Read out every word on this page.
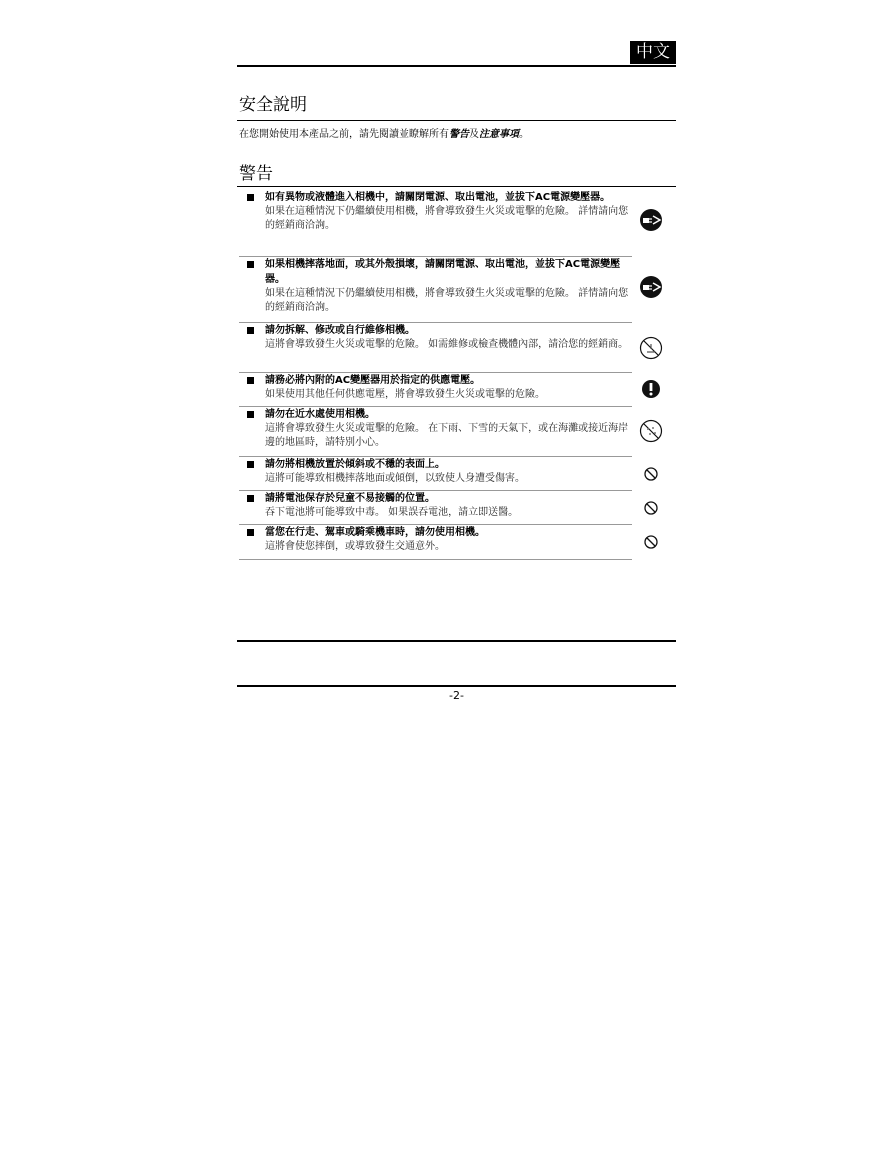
中文
安全說明
在您開始使用本產品之前，請先閱讀並瞭解所有警告及注意事項。
警告
如有異物或液體進入相機中，請關閉電源、取出電池，並拔下AC電源變壓器。
如果在這種情況下仍繼續使用相機，將會導致發生火災或電擊的危險。 詳情請向您的經銷商洽詢。
如果相機摔落地面，或其外殼損壞，請關閉電源、取出電池，並拔下AC電源變壓器。
如果在這種情況下仍繼續使用相機，將會導致發生火災或電擊的危險。 詳情請向您的經銷商洽詢。
請勿拆解、修改或自行維修相機。
這將會導致發生火災或電擊的危險。 如需維修或檢查機體內部，請洽您的經銷商。
請務必將內附的AC變壓器用於指定的供應電壓。
如果使用其他任何供應電壓，將會導致發生火災或電擊的危險。
請勿在近水處使用相機。
這將會導致發生火災或電擊的危險。 在下雨、下雪的天氣下，或在海灘或接近海岸邊的地區時，請特別小心。
請勿將相機放置於傾斜或不穩的表面上。
這將可能導致相機摔落地面或傾倒，以致使人身遭受傷害。
請將電池保存於兒童不易接觸的位置。
吞下電池將可能導致中毒。 如果誤吞電池，請立即送醫。
當您在行走、駕車或騎乘機車時，請勿使用相機。
這將會使您摔倒，或導致發生交通意外。
-2-
